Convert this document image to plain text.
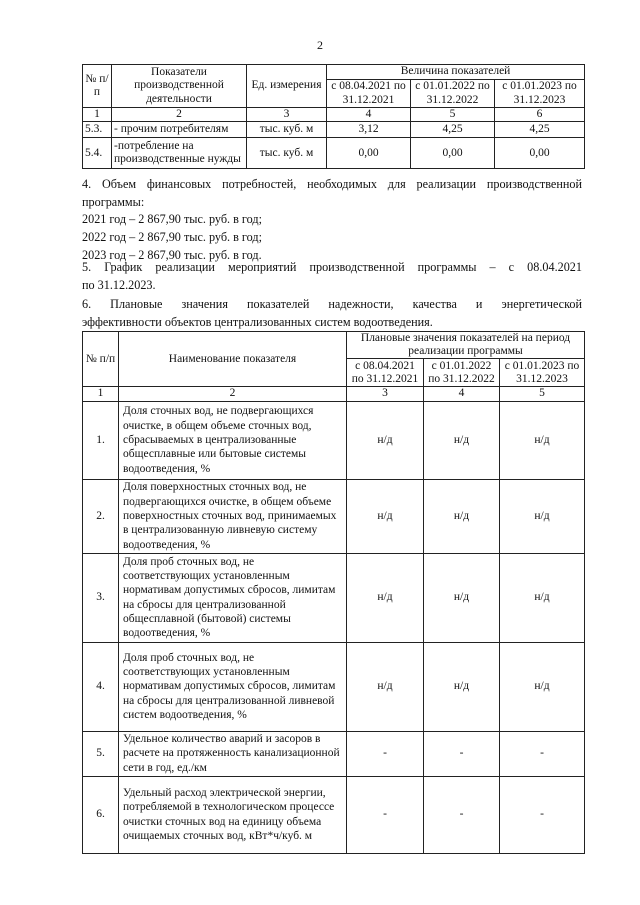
2
№ п/п	Показатели производственной деятельности	Ед. измерения	Величина показателей		
			с 08.04.2021 по 31.12.2021	с 01.01.2022 по 31.12.2022	с 01.01.2023 по 31.12.2023
1	2	3	4	5	6
5.3.	- прочим потребителям	тыс. куб. м	3,12	4,25	4,25
5.4.	-потребление на производственные нужды	тыс. куб. м	0,00	0,00	0,00
4. Объем финансовых потребностей, необходимых для реализации производственной
программы:
2021 год – 2 867,90 тыс. руб. в год;
2022 год – 2 867,90 тыс. руб. в год;
2023 год – 2 867,90 тыс. руб. в год.
5. График реализации мероприятий производственной программы – с 08.04.2021
по 31.12.2023.
6. Плановые значения показателей надежности, качества и энергетической
эффективности объектов централизованных систем водоотведения.
№ п/п	Наименование показателя	Плановые значения показателей на период реализации программы		
		с 08.04.2021 по 31.12.2021	с 01.01.2022 по 31.12.2022	с 01.01.2023 по 31.12.2023
1	2	3	4	5
1.	Доля сточных вод, не подвергающихся очистке, в общем объеме сточных вод, сбрасываемых в централизованные общесплавные или бытовые системы водоотведения, %	н/д	н/д	н/д
2.	Доля поверхностных сточных вод, не подвергающихся очистке, в общем объеме поверхностных сточных вод, принимаемых в централизованную ливневую систему водоотведения, %	н/д	н/д	н/д
3.	Доля проб сточных вод, не соответствующих установленным нормативам допустимых сбросов, лимитам на сбросы для централизованной общесплавной (бытовой) системы водоотведения, %	н/д	н/д	н/д
4.	Доля проб сточных вод, не соответствующих установленным нормативам допустимых сбросов, лимитам на сбросы для централизованной ливневой систем водоотведения, %	н/д	н/д	н/д
5.	Удельное количество аварий и засоров в расчете на протяженность канализационной сети в год, ед./км	-	-	-
6.	Удельный расход электрической энергии, потребляемой в технологическом процессе очистки сточных вод на единицу объема очищаемых сточных вод, кВт*ч/куб. м	-	-	-
